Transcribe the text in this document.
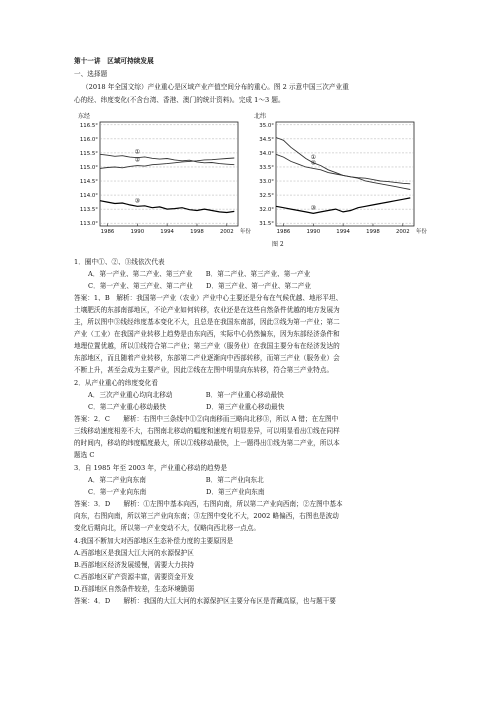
第十一讲　区域可持续发展
一、选择题
（2018 年全国文综）产业重心是区域产业产值空间分布的重心。图 2 示意中国三次产业重
心的经、纬度变化(不含台湾、香港、澳门的统计资料)。完成 1～3 题。
东经
116.5°
116.0°
115.5°
115.0°
114.5°
114.0°
113.5°
113.0°
1986	1990	1994	1998	2002 年份
①
②
③
北纬
35.0°
34.5°
34.0°
33.5°
33.0°
32.5°
32.0°
31.5°
1986	1990	1994	1998	2002 年份
①
②
③
图 2
1．圈中①、②、③线依次代表
A．第一产业、第二产业、第三产业　　B．第二产业、第三产业、第一产业
C．第一产业、第三产业、第二产业　　D．第三产业、第一产业、第二产业
答案：1、B　解析：我国第一产业（农业）产业中心主要还是分布在气候优越、地形平坦、
土壤肥沃的东部南部地区，不论产业如何转移，农业还是在这些自然条件优越的地方发展为
主，所以图中③线经纬度基本变化不大，且总是在我国东南部，因此③线为第一产业；第二
产业（工业）在我国产业转移上趋势是由东向西，实际中心仍然偏东，因为东部经济条件和
地理位置优越，所以①线符合第二产业；第三产业（服务业）在我国主要分布在经济发达的
东部地区，而且随着产业转移，东部第二产业逐渐向中西部转移，而第三产业（服务业）会
不断上升，甚至会成为主要产业，因此②线在左图中明显向东转移，符合第三产业特点。
2．从产业重心的纬度变化看
A．三次产业重心均向北移动　　　　　B．第一产业重心移动最快
C．第二产业重心移动最快　　　　　　D．第三产业重心移动最快
答案：2．C　　解析：右图中三条线中①②向南移而三略向北移③，所以 A 错；在左图中
三线移动速度相差不大，右图南北移动的幅度和速度有明显差异，可以明显看出①线在同样
的时间内，移动的纬度幅度最大，所以①线移动最快，上一题得出①线为第二产业，所以本
题选 C
3．自 1985 年至 2003 年，产业重心移动的趋势是
A．第二产业向东南　　　　　　　　　B．第二产业向东北
C．第一产业向东南　　　　　　　　　D．第三产业向东南
答案：3．D　　解析：①左图中基本向西，右图向南，所以第二产业向西南；②左图中基本
向东，右图向南，所以第三产业向东南；③左图中变化不大，2002 略偏西，右图也是波动
变化后期向北，所以第一产业变动不大，仅略向西北移一点点。
4.我国不断加大对西部地区生态补偿力度的主要原因是
A.西部地区是我国大江大河的水源保护区
B.西部地区经济发展缓慢，需要大力扶持
C.西部地区矿产资源丰富，需要资金开发
D.西部地区自然条件较差，生态环境脆弱
答案：4．D　　解析：我国的大江大河的水源保护区主要分布区是青藏高原，也与题干要
